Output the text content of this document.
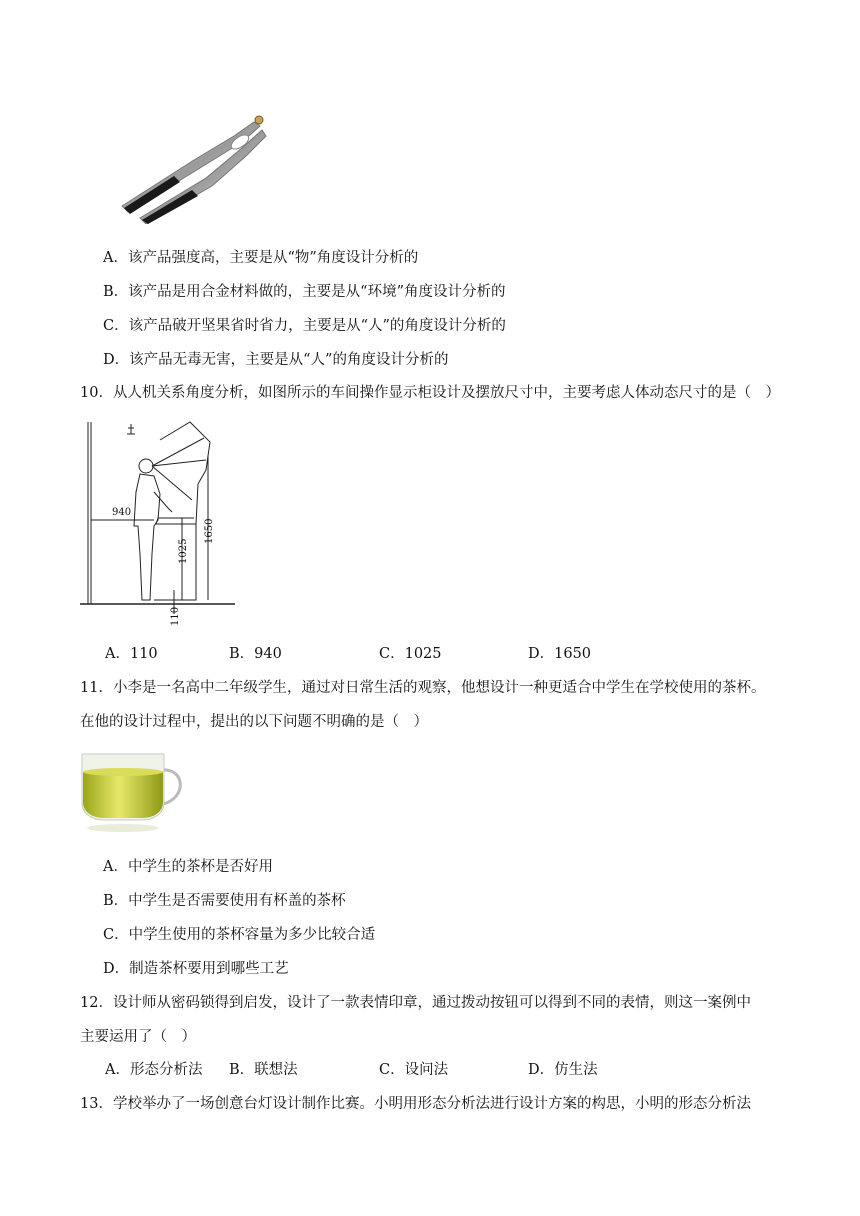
A．该产品强度高，主要是从“物”角度设计分析的
B．该产品是用合金材料做的，主要是从“环境”角度设计分析的
C．该产品破开坚果省时省力，主要是从“人”的角度设计分析的
D．该产品无毒无害，主要是从“人”的角度设计分析的
10．从人机关系角度分析，如图所示的车间操作显示柜设计及摆放尺寸中，主要考虑人体动态尺寸的是（　）
940
1025
1650
110
A．110	B．940	C．1025	D．1650
11．小李是一名高中二年级学生，通过对日常生活的观察，他想设计一种更适合中学生在学校使用的茶杯。
在他的设计过程中，提出的以下问题不明确的是（　）
A．中学生的茶杯是否好用
B．中学生是否需要使用有杯盖的茶杯
C．中学生使用的茶杯容量为多少比较合适
D．制造茶杯要用到哪些工艺
12．设计师从密码锁得到启发，设计了一款表情印章，通过拨动按钮可以得到不同的表情，则这一案例中
主要运用了（　）
A．形态分析法 B．联想法	C．设问法	D．仿生法
13．学校举办了一场创意台灯设计制作比赛。小明用形态分析法进行设计方案的构思，小明的形态分析法
